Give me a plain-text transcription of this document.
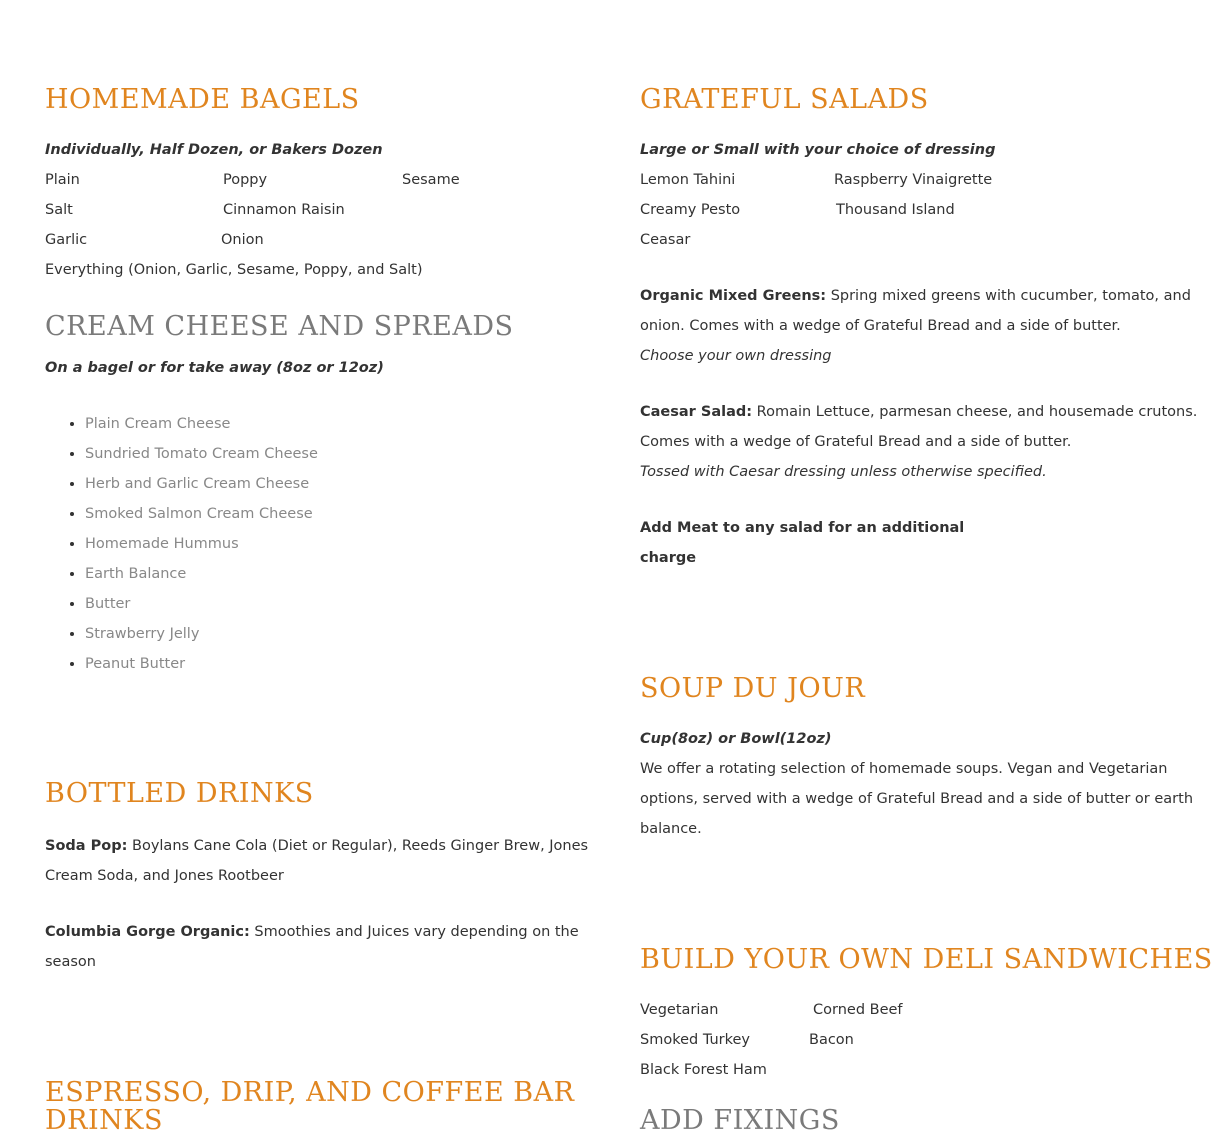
HOMEMADE BAGELS
Individually, Half Dozen, or Bakers Dozen
Plain	Poppy	Sesame
Salt	Cinnamon Raisin
Garlic	Onion
Everything (Onion, Garlic, Sesame, Poppy, and Salt)
CREAM CHEESE AND SPREADS
On a bagel or for take away (8oz or 12oz)
• Plain Cream Cheese
• Sundried Tomato Cream Cheese
• Herb and Garlic Cream Cheese
• Smoked Salmon Cream Cheese
• Homemade Hummus
• Earth Balance
• Butter
• Strawberry Jelly
• Peanut Butter
BOTTLED DRINKS
Soda Pop: Boylans Cane Cola (Diet or Regular), Reeds Ginger Brew, Jones Cream Soda, and Jones Rootbeer
Columbia Gorge Organic: Smoothies and Juices vary depending on the season
ESPRESSO, DRIP, AND COFFEE BAR
DRINKS
GRATEFUL SALADS
Large or Small with your choice of dressing
Lemon Tahini	Raspberry Vinaigrette
Creamy Pesto	Thousand Island
Ceasar
Organic Mixed Greens: Spring mixed greens with cucumber, tomato, and onion. Comes with a wedge of Grateful Bread and a side of butter.
Choose your own dressing
Caesar Salad: Romain Lettuce, parmesan cheese, and housemade crutons. Comes with a wedge of Grateful Bread and a side of butter.
Tossed with Caesar dressing unless otherwise specified.
Add Meat to any salad for an additional
charge
SOUP DU JOUR
Cup(8oz) or Bowl(12oz)
We offer a rotating selection of homemade soups. Vegan and Vegetarian options, served with a wedge of Grateful Bread and a side of butter or earth balance.
BUILD YOUR OWN DELI SANDWICHES
Vegetarian	Corned Beef
Smoked Turkey	Bacon
Black Forest Ham
ADD FIXINGS
